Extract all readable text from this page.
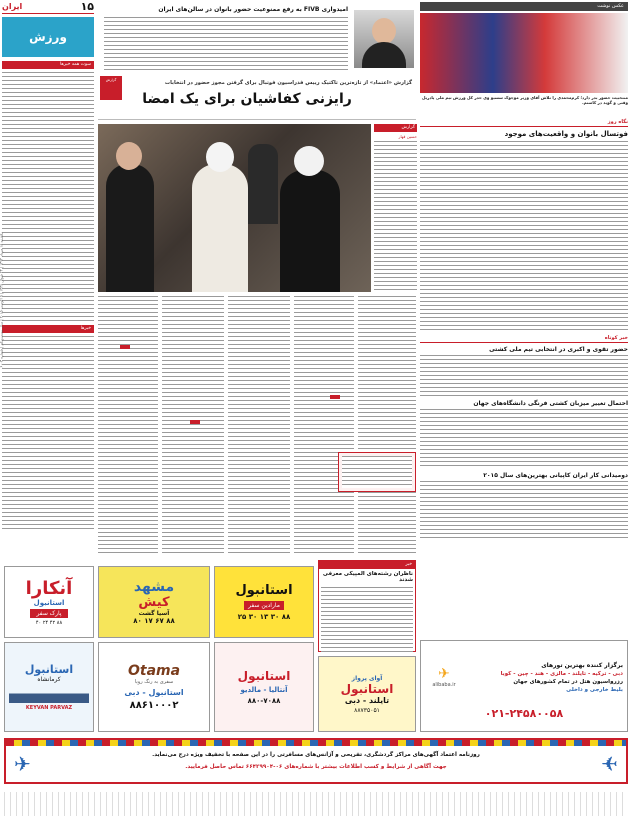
۱۵
ایران
ورزش
سوت همه خبرها
خبرها
یکشنبه ۱۸ مرداد ۱۳۹۴ | ۲۳ شوال ۱۴۳۶ | ۹ آگوست ۲۰۱۵ | سال بیست‌ویکم | شماره ۶۰۰۳
امیدواری FIVB به رفع ممنوعیت حضور بانوان در سالن‌های ایران
گزارش	گزارش «اعتماد» از تازه‌ترین تاکتیک رییس فدراسیون فوتبال برای گرفتن مجوز حضور در انتخابات
رایزنی کفاشیان برای یک امضا
گزارش
حسین قهار
عکس نوشت
منتخبیت حضور بدر دارد؛ کرم‌محمدی را تلاش آقای وزیر موجوک سسیو وی حدر کل ورزش تیم ملی پادریل وقتی و گوید در کاستم.
نگاه روز
فوتسال بانوان و واقعیت‌های موجود
خبر کوتاه
حضور تقوی و اکبری در انتخابی تیم ملی کشتی
احتمال تغییر میزبان کشتی فرنگی دانشگاه‌های جهان
دومیدانی کار ایران کاپیانی بهترین‌های سال ۲۰۱۵
خبر
ناظران رشته‌های المپیکی معرفی شدند
آنکارا
استانبول
پارک سفر
۸۸ ۴۲ ۲۴ ۴۰
مشهد
کیش
آسیا گشت
۸۸ ۶۷ ۱۷ ۸۰
استانبول
مارادین سفر
۸۸ ۳۰ ۱۳ ۳۰ ۲۵
استانبول
کرمانشاه
KEYVAN PARVAZ
Otama
سفری به رنگ رویا
استانبول - دبی
۸۸۶۱۰۰۰۲
استانبول
آنتالیا - مالدیو
۸۸۰-۷۰۸۸
آوای پرواز
استانبول
تایلند - دبی
۸۸۷۳۵۰۵۱
برگزار کننده بهترین تورهای
دبی - ترکیه - تایلند - مالزی - هند - چین - کوبا
رزرواسیون هتل در تمام کشورهای جهان
بلیط خارجی و داخلی
✈
alibaba.ir
۰۲۱-۲۴۵۸۰۰۵۸
✈	✈
روزنامه اعتماد آگهی‌های مراکز گردشگری، تفریحی و آژانس‌های مسافرتی را در این صفحه با تخفیف ویژه درج می‌نماید.
جهت آگاهی از شرایط و کسب اطلاعات بیشتر با شماره‌های ۰۶-۶۶۴۲۹۹۰۴ تماس حاصل فرمایید.
